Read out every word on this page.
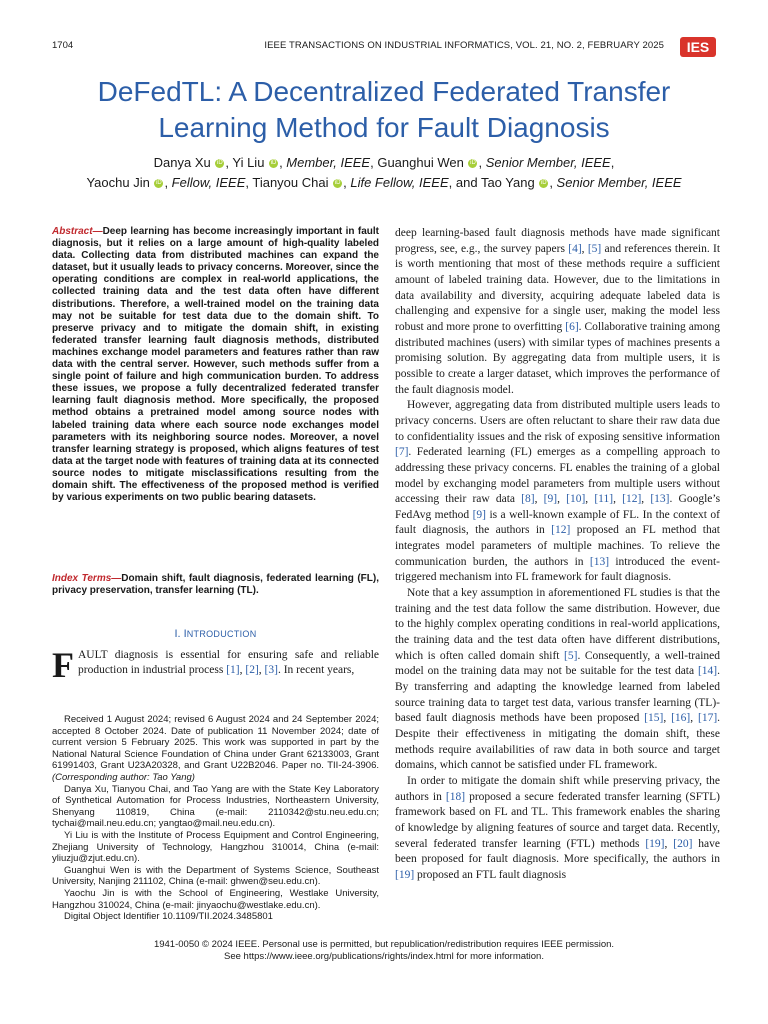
1704	IEEE TRANSACTIONS ON INDUSTRIAL INFORMATICS, VOL. 21, NO. 2, FEBRUARY 2025 IES
DeFedTL: A Decentralized Federated Transfer
Learning Method for Fault Diagnosis
Danya Xu iD , Yi Liu iD , Member, IEEE, Guanghui Wen iD , Senior Member, IEEE,
Yaochu Jin iD , Fellow, IEEE, Tianyou Chai iD , Life Fellow, IEEE, and Tao Yang iD , Senior Member, IEEE
Abstract—Deep learning has become increasingly important in fault diagnosis, but it relies on a large amount of high-quality labeled data. Collecting data from distributed machines can expand the dataset, but it usually leads to privacy concerns. Moreover, since the operating conditions are complex in real-world applications, the collected training data and the test data often have different distributions. Therefore, a well-trained model on the training data may not be suitable for test data due to the domain shift. To preserve privacy and to mitigate the domain shift, in existing federated transfer learning fault diagnosis methods, distributed machines exchange model parameters and features rather than raw data with the central server. However, such methods suffer from a single point of failure and high communication burden. To address these issues, we propose a fully decentralized federated transfer learning fault diagnosis method. More specifically, the proposed method obtains a pretrained model among source nodes with labeled training data where each source node exchanges model parameters with its neighboring source nodes. Moreover, a novel transfer learning strategy is proposed, which aligns features of test data at the target node with features of training data at its connected source nodes to mitigate misclassifications resulting from the domain shift. The effectiveness of the proposed method is verified by various experiments on two public bearing datasets.
Index Terms—Domain shift, fault diagnosis, federated learning (FL), privacy preservation, transfer learning (TL).
I. INTRODUCTION
FAULT diagnosis is essential for ensuring safe and reliable production in industrial process [1], [2], [3]. In recent years,

Received 1 August 2024; revised 6 August 2024 and 24 September 2024; accepted 8 October 2024. Date of publication 11 November 2024; date of current version 5 February 2025. This work was supported in part by the National Natural Science Foundation of China under Grant 62133003, Grant 61991403, Grant U23A20328, and Grant U22B2046. Paper no. TII-24-3906. (Corresponding author: Tao Yang)

Danya Xu, Tianyou Chai, and Tao Yang are with the State Key Laboratory of Synthetical Automation for Process Industries, Northeastern University, Shenyang 110819, China (e-mail: 2110342@stu.neu.edu.cn; tychai@mail.neu.edu.cn; yangtao@mail.neu.edu.cn).

Yi Liu is with the Institute of Process Equipment and Control Engineering, Zhejiang University of Technology, Hangzhou 310014, China (e-mail: yliuzju@zjut.edu.cn).

Guanghui Wen is with the Department of Systems Science, Southeast University, Nanjing 211102, China (e-mail: ghwen@seu.edu.cn).

Yaochu Jin is with the School of Engineering, Westlake University, Hangzhou 310024, China (e-mail: jinyaochu@westlake.edu.cn).

Digital Object Identifier 10.1109/TII.2024.3485801

deep learning-based fault diagnosis methods have made significant progress, see, e.g., the survey papers [4], [5] and references therein. It is worth mentioning that most of these methods require a sufficient amount of labeled training data. However, due to the limitations in data availability and diversity, acquiring adequate labeled data is challenging and expensive for a single user, making the model less robust and more prone to overfitting [6]. Collaborative training among distributed machines (users) with similar types of machines presents a promising solution. By aggregating data from multiple users, it is possible to create a larger dataset, which improves the performance of the fault diagnosis model.

However, aggregating data from distributed multiple users leads to privacy concerns. Users are often reluctant to share their raw data due to confidentiality issues and the risk of exposing sensitive information [7]. Federated learning (FL) emerges as a compelling approach to addressing these privacy concerns. FL enables the training of a global model by exchanging model parameters from multiple users without accessing their raw data [8], [9], [10], [11], [12], [13]. Google’s FedAvg method [9] is a well-known example of FL. In the context of fault diagnosis, the authors in [12] proposed an FL method that integrates model parameters of multiple machines. To relieve the communication burden, the authors in [13] introduced the event-triggered mechanism into FL framework for fault diagnosis.

Note that a key assumption in aforementioned FL studies is that the training and the test data follow the same distribution. However, due to the highly complex operating conditions in real-world applications, the training data and the test data often have different distributions, which is often called domain shift [5]. Consequently, a well-trained model on the training data may not be suitable for the test data [14]. By transferring and adapting the knowledge learned from labeled source training data to target test data, various transfer learning (TL)-based fault diagnosis methods have been proposed [15], [16], [17]. Despite their effectiveness in mitigating the domain shift, these methods require availabilities of raw data in both source and target domains, which cannot be satisfied under FL framework.

In order to mitigate the domain shift while preserving privacy, the authors in [18] proposed a secure federated transfer learning (SFTL) framework based on FL and TL. This framework enables the sharing of knowledge by aligning features of source and target data. Recently, several federated transfer learning (FTL) methods [19], [20] have been proposed for fault diagnosis. More specifically, the authors in [19] proposed an FTL fault diagnosis

1941-0050 © 2024 IEEE. Personal use is permitted, but republication/redistribution requires IEEE permission.
See https://www.ieee.org/publications/rights/index.html for more information.
